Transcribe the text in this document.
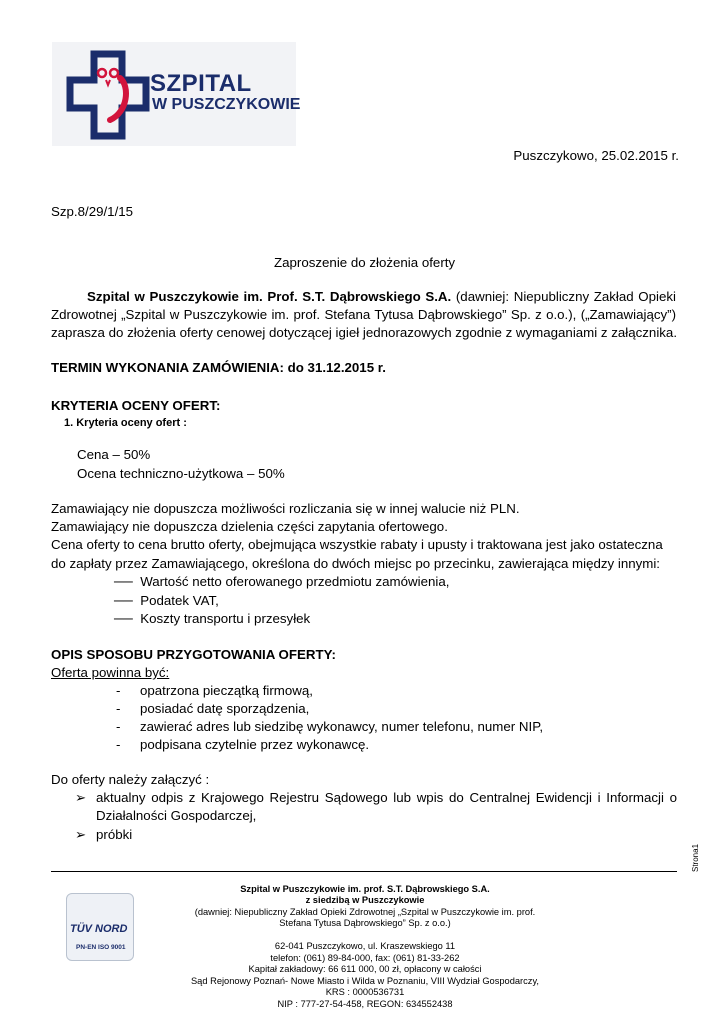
SZPITAL
W PUSZCZYKOWIE
Puszczykowo, 25.02.2015 r.
Szp.8/29/1/15
Zaproszenie do złożenia oferty
Szpital w Puszczykowie im. Prof. S.T. Dąbrowskiego S.A. (dawniej: Niepubliczny Zakład Opieki
Zdrowotnej „Szpital w Puszczykowie im. prof. Stefana Tytusa Dąbrowskiego” Sp. z o.o.), („Zamawiający”)
zaprasza do złożenia oferty cenowej dotyczącej igieł jednorazowych zgodnie z wymaganiami z załącznika.
TERMIN WYKONANIA ZAMÓWIENIA: do 31.12.2015 r.
KRYTERIA OCENY OFERT:
1. Kryteria oceny ofert :
Cena – 50%
Ocena techniczno-użytkowa – 50%
Zamawiający nie dopuszcza możliwości rozliczania się w innej walucie niż PLN.
Zamawiający nie dopuszcza dzielenia części zapytania ofertowego.
Cena oferty to cena brutto oferty, obejmująca wszystkie rabaty i upusty i traktowana jest jako ostateczna
do zapłaty przez Zamawiającego, określona do dwóch miejsc po przecinku, zawierająca między innymi:
── Wartość netto oferowanego przedmiotu zamówienia,
── Podatek VAT,
── Koszty transportu i przesyłek
OPIS SPOSOBU PRZYGOTOWANIA OFERTY:
Oferta powinna być:
- opatrzona pieczątką firmową,
- posiadać datę sporządzenia,
- zawierać adres lub siedzibę wykonawcy, numer telefonu, numer NIP,
- podpisana czytelnie przez wykonawcę.
Do oferty należy załączyć :
➢ aktualny odpis z Krajowego Rejestru Sądowego lub wpis do Centralnej Ewidencji i Informacji o
Działalności Gospodarczej,
➢ próbki
Strona1
TÜV NORD
PN-EN ISO 9001
Szpital w Puszczykowie im. prof. S.T. Dąbrowskiego S.A.
z siedzibą w Puszczykowie
(dawniej: Niepubliczny Zakład Opieki Zdrowotnej „Szpital w Puszczykowie im. prof.
Stefana Tytusa Dąbrowskiego” Sp. z o.o.)
62-041 Puszczykowo, ul. Kraszewskiego 11
telefon: (061) 89-84-000, fax: (061) 81-33-262
Kapitał zakładowy: 66 611 000, 00 zł, opłacony w całości
Sąd Rejonowy Poznań- Nowe Miasto i Wilda w Poznaniu, VIII Wydział Gospodarczy,
KRS : 0000536731
NIP : 777-27-54-458, REGON: 634552438
